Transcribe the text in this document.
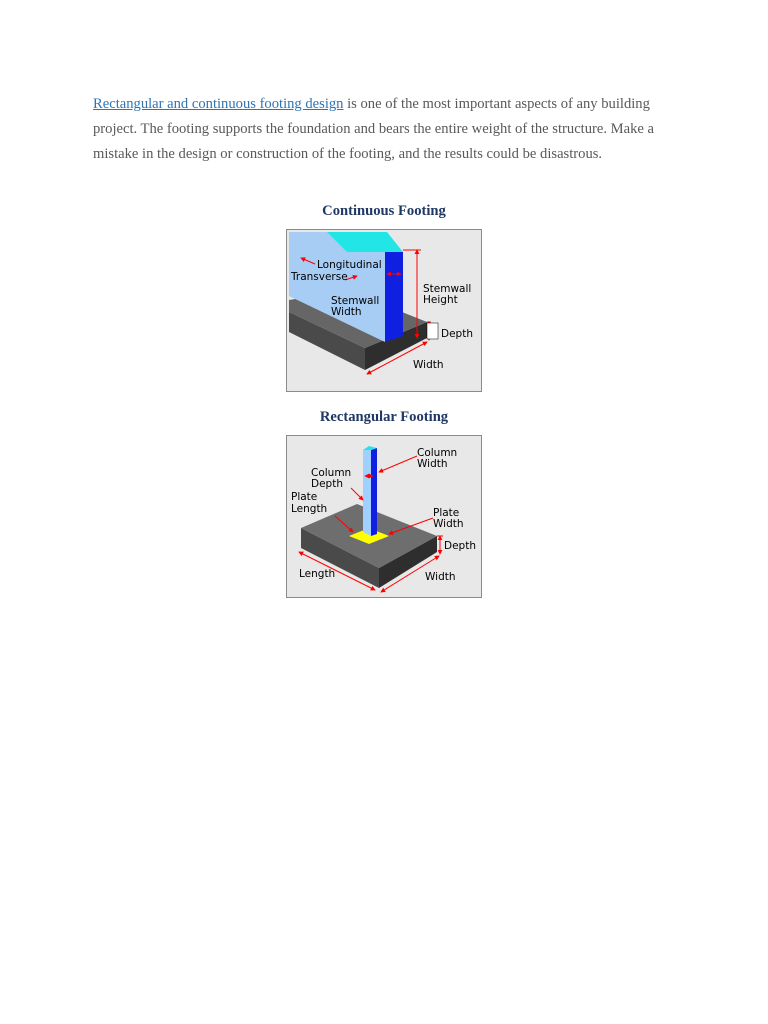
Rectangular and continuous footing design is one of the most important aspects of any building project. The footing supports the foundation and bears the entire weight of the structure. Make a mistake in the design or construction of the footing, and the results could be disastrous.
Continuous Footing
Longitudinal
Transverse
Stemwall
Width
Stemwall
Height
Depth
Width
Rectangular Footing
Column
Width
Column
Depth
Plate
Length	Plate
Width
Depth
Length	Width
